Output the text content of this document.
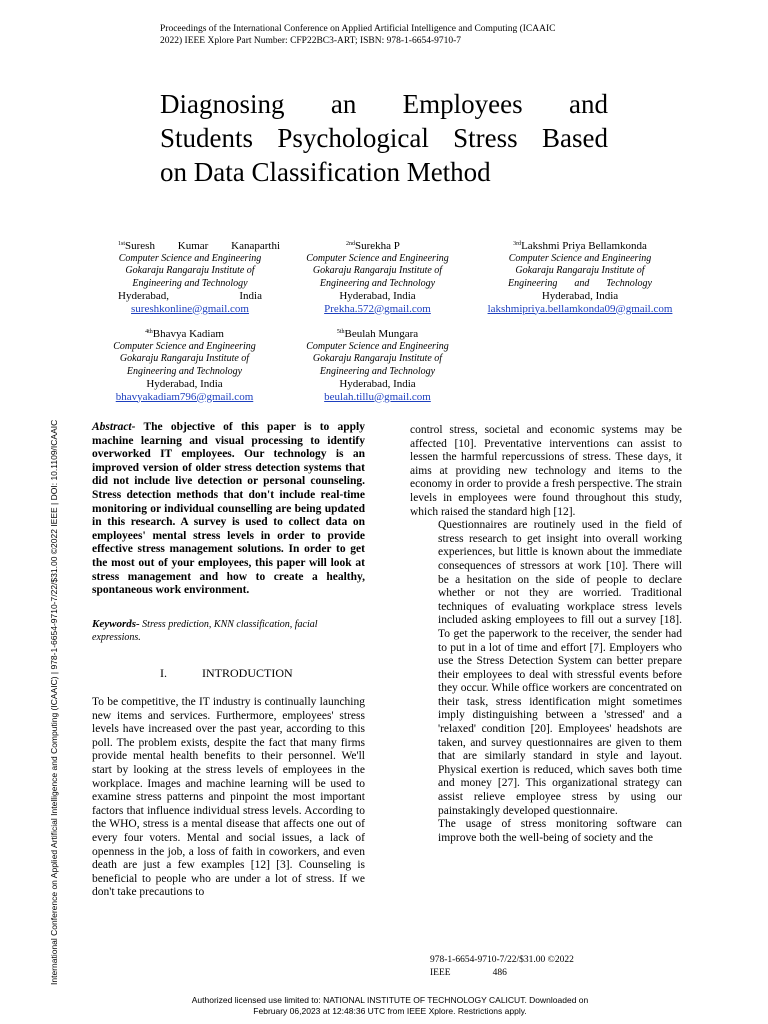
Proceedings of the International Conference on Applied Artificial Intelligence and Computing (ICAAIC
2022) IEEE Xplore Part Number: CFP22BC3-ART; ISBN: 978-1-6654-9710-7
Diagnosing an Employees and
Students Psychological Stress Based
on Data Classification Method
$^{1st}$Suresh Kumar Kanaparthi
Computer Science and Engineering
Gokaraju Rangaraju Institute of
Engineering and Technology
Hyderabad, India
sureshkonline@gmail.com
$^{2nd}$Surekha P
Computer Science and Engineering
Gokaraju Rangaraju Institute of
Engineering and Technology
Hyderabad, India
Prekha.572@gmail.com
$^{3rd}$Lakshmi Priya Bellamkonda
Computer Science and Engineering
Gokaraju Rangaraju Institute of
Engineering and Technology
Hyderabad, India
lakshmipriya.bellamkonda09@gmail.com
$^{4th}$Bhavya Kadiam
Computer Science and Engineering
Gokaraju Rangaraju Institute of
Engineering and Technology
Hyderabad, India
bhavyakadiam796@gmail.com
$^{5th}$Beulah Mungara
Computer Science and Engineering
Gokaraju Rangaraju Institute of
Engineering and Technology
Hyderabad, India
beulah.tillu@gmail.com
International Conference on Applied Artificial Intelligence and Computing (ICAAIC) | 978-1-6654-9710-7/22/$31.00 ©2022 IEEE | DOI: 10.1109/ICAAIC	Abstract- The objective of this paper is to apply machine learning and visual processing to identify overworked IT employees. Our technology is an improved version of older stress detection systems that did not include live detection or personal counseling. Stress detection methods that don't include real-time monitoring or individual counselling are being updated in this research. A survey is used to collect data on employees' mental stress levels in order to provide effective stress management solutions. In order to get the most out of your employees, this paper will look at stress management and how to create a healthy, spontaneous work environment.
Keywords- Stress prediction, KNN classification, facial expressions.
I.	INTRODUCTION
To be competitive, the IT industry is continually launching new items and services. Furthermore, employees' stress levels have increased over the past year, according to this poll. The problem exists, despite the fact that many firms provide mental health benefits to their personnel. We'll start by looking at the stress levels of employees in the workplace. Images and machine learning will be used to examine stress patterns and pinpoint the most important factors that influence individual stress levels. According to the WHO, stress is a mental disease that affects one out of every four voters. Mental and social issues, a lack of openness in the job, a loss of faith in coworkers, and even death are just a few examples [12] [3]. Counseling is beneficial to people who are under a lot of stress. If we don't take precautions to

control stress, societal and economic systems may be affected [10]. Preventative interventions can assist to lessen the harmful repercussions of stress. These days, it aims at providing new technology and items to the economy in order to provide a fresh perspective. The strain levels in employees were found throughout this study, which raised the standard high [12].

Questionnaires are routinely used in the field of stress research to get insight into overall working experiences, but little is known about the immediate consequences of stressors at work [10]. There will be a hesitation on the side of people to declare whether or not they are worried. Traditional techniques of evaluating workplace stress levels included asking employees to fill out a survey [18]. To get the paperwork to the receiver, the sender had to put in a lot of time and effort [7]. Employers who use the Stress Detection System can better prepare their employees to deal with stressful events before they occur. While office workers are concentrated on their task, stress identification might sometimes imply distinguishing between a 'stressed' and a 'relaxed' condition [20]. Employees' headshots are taken, and survey questionnaires are given to them that are similarly standard in style and layout. Physical exertion is reduced, which saves both time and money [27]. This organizational strategy can assist relieve employee stress by using our painstakingly developed questionnaire.

The usage of stress monitoring software can improve both the well-being of society and the

978-1-6654-9710-7/22/$31.00 ©2022
IEEE	486
Authorized licensed use limited to: NATIONAL INSTITUTE OF TECHNOLOGY CALICUT. Downloaded on
February 06,2023 at 12:48:36 UTC from IEEE Xplore. Restrictions apply.
